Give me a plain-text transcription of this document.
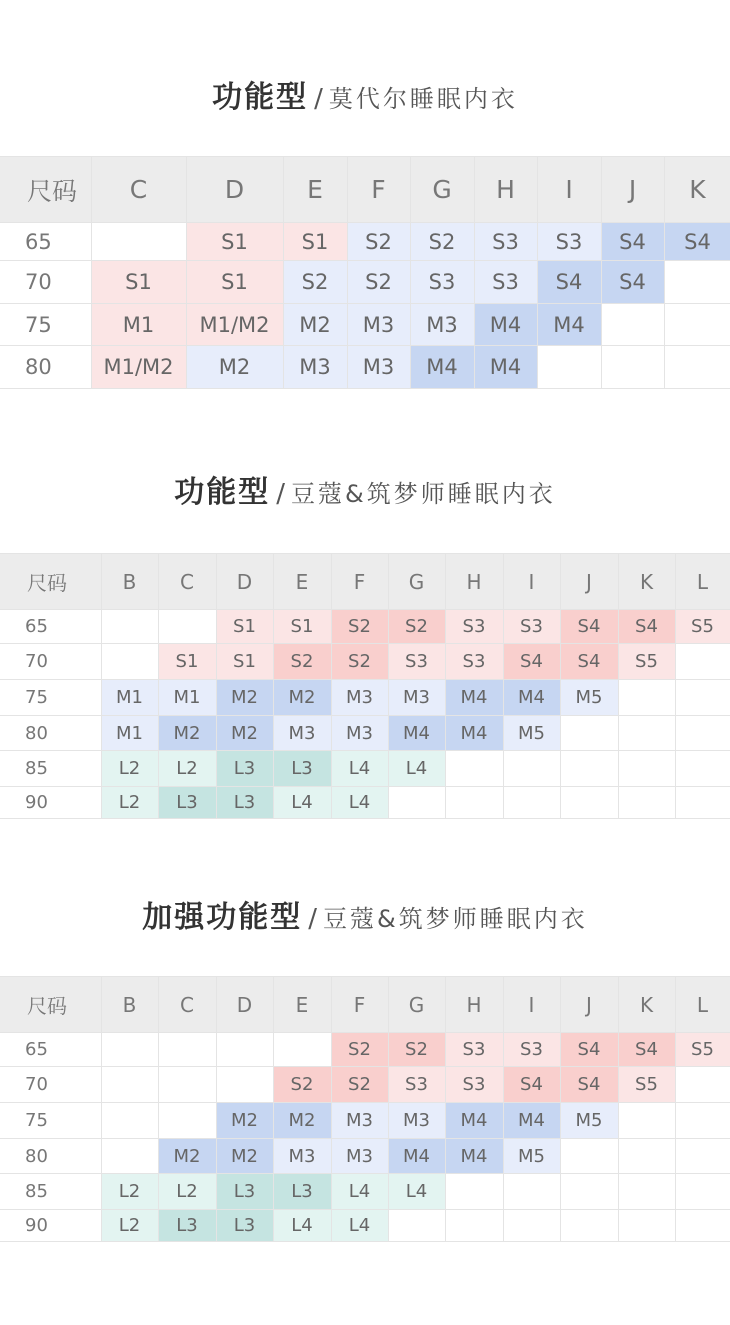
功能型 / 莫代尔睡眠内衣
尺码	C	D	E	F	G	H	I	J	K
65		S1	S1	S2	S2	S3	S3	S4	S4
70	S1	S1	S2	S2	S3	S3	S4	S4	
75	M1	M1/M2	M2	M3	M3	M4	M4		
80	M1/M2	M2	M3	M3	M4	M4			
功能型 / 豆蔻&筑梦师睡眠内衣
尺码	B	C	D	E	F	G	H	I	J	K	L
65			S1	S1	S2	S2	S3	S3	S4	S4	S5
70		S1	S1	S2	S2	S3	S3	S4	S4	S5	
75	M1	M1	M2	M2	M3	M3	M4	M4	M5		
80	M1	M2	M2	M3	M3	M4	M4	M5			
85	L2	L2	L3	L3	L4	L4					
90	L2	L3	L3	L4	L4						
加强功能型 / 豆蔻&筑梦师睡眠内衣
尺码	B	C	D	E	F	G	H	I	J	K	L
65					S2	S2	S3	S3	S4	S4	S5
70				S2	S2	S3	S3	S4	S4	S5	
75			M2	M2	M3	M3	M4	M4	M5		
80		M2	M2	M3	M3	M4	M4	M5			
85	L2	L2	L3	L3	L4	L4					
90	L2	L3	L3	L4	L4						
